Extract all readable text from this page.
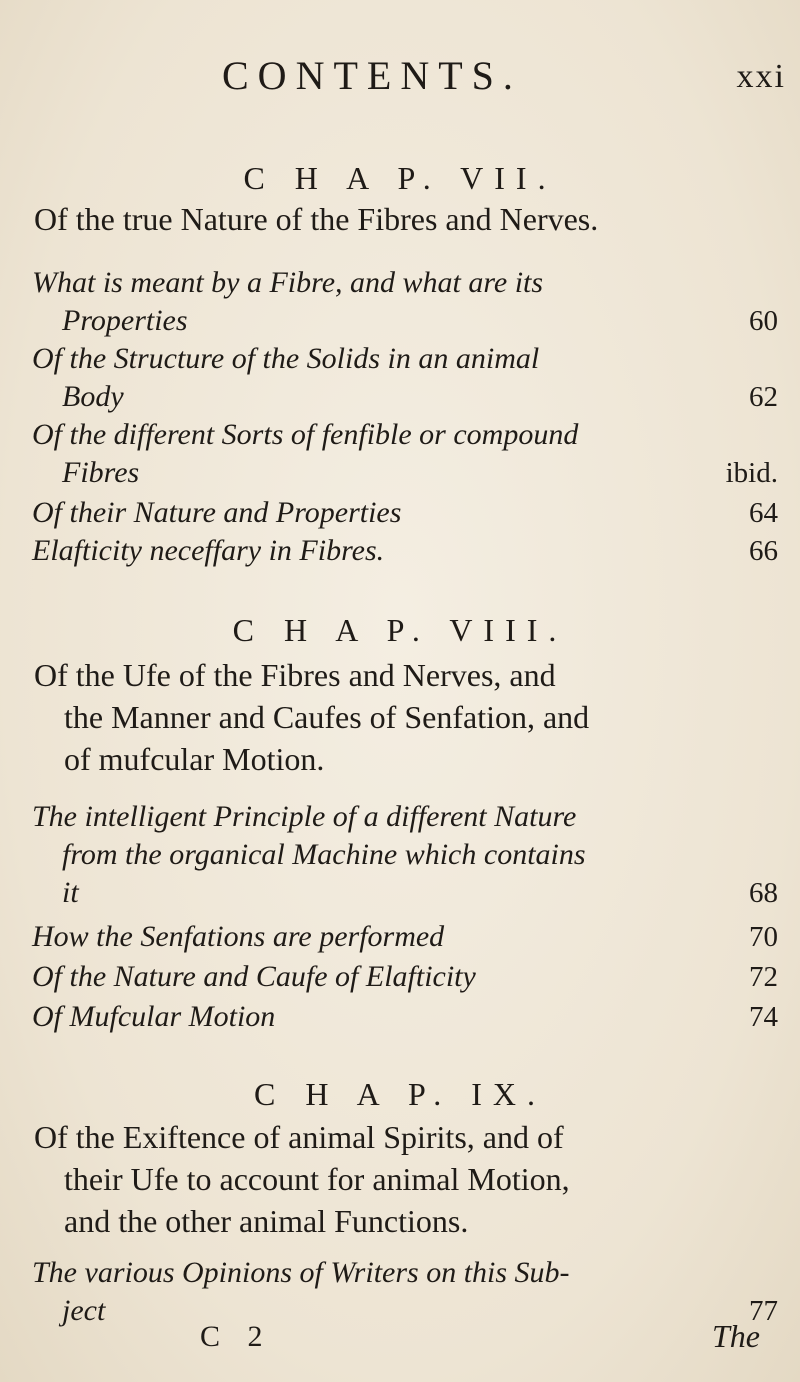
CONTENTS.	xxi
C H A P. VII.
Of the true Nature of the Fibres and Nerves.
What is meant by a Fibre, and what are its
Properties	60
Of the Structure of the Solids in an animal
Body	62
Of the different Sorts of fenfible or compound
Fibres	ibid.
Of their Nature and Properties	64
Elafticity neceffary in Fibres.	66
C H A P. VIII.
Of the Ufe of the Fibres and Nerves, and
the Manner and Caufes of Senfation, and
of mufcular Motion.
The intelligent Principle of a different Nature
from the organical Machine which contains
it	68
How the Senfations are performed	70
Of the Nature and Caufe of Elafticity	72
Of Mufcular Motion	74
C H A P. IX.
Of the Exiftence of animal Spirits, and of
their Ufe to account for animal Motion,
and the other animal Functions.
The various Opinions of Writers on this Sub-
ject	77
C 2	The
